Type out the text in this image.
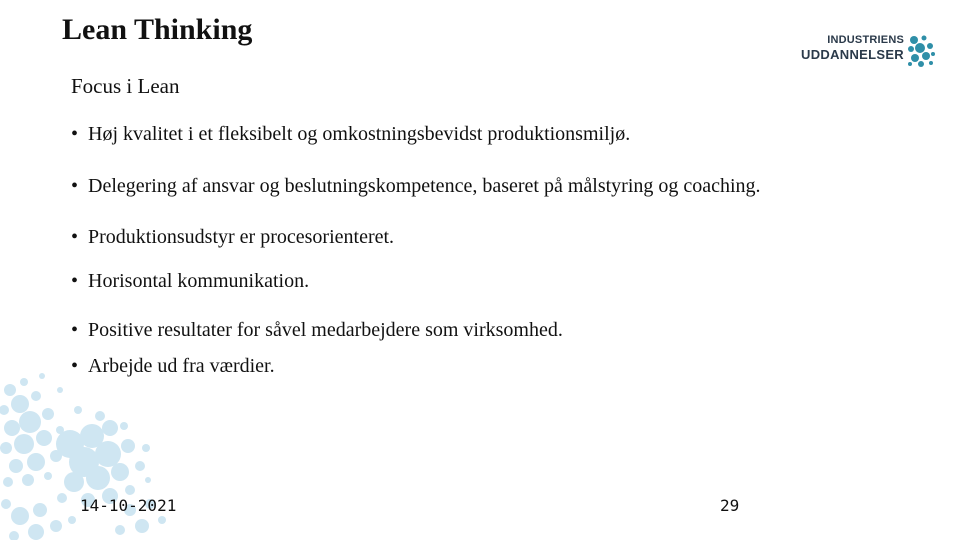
Lean Thinking	INDUSTRIENS
UDDANNELSER
Focus i Lean
• Høj kvalitet i et fleksibelt og omkostningsbevidst produktionsmiljø.
• Delegering af ansvar og beslutningskompetence, baseret på målstyring og coaching.
• Produktionsudstyr er procesorienteret.
• Horisontal kommunikation.
• Positive resultater for såvel medarbejdere som virksomhed.
• Arbejde ud fra værdier.
14-10-2021	29
